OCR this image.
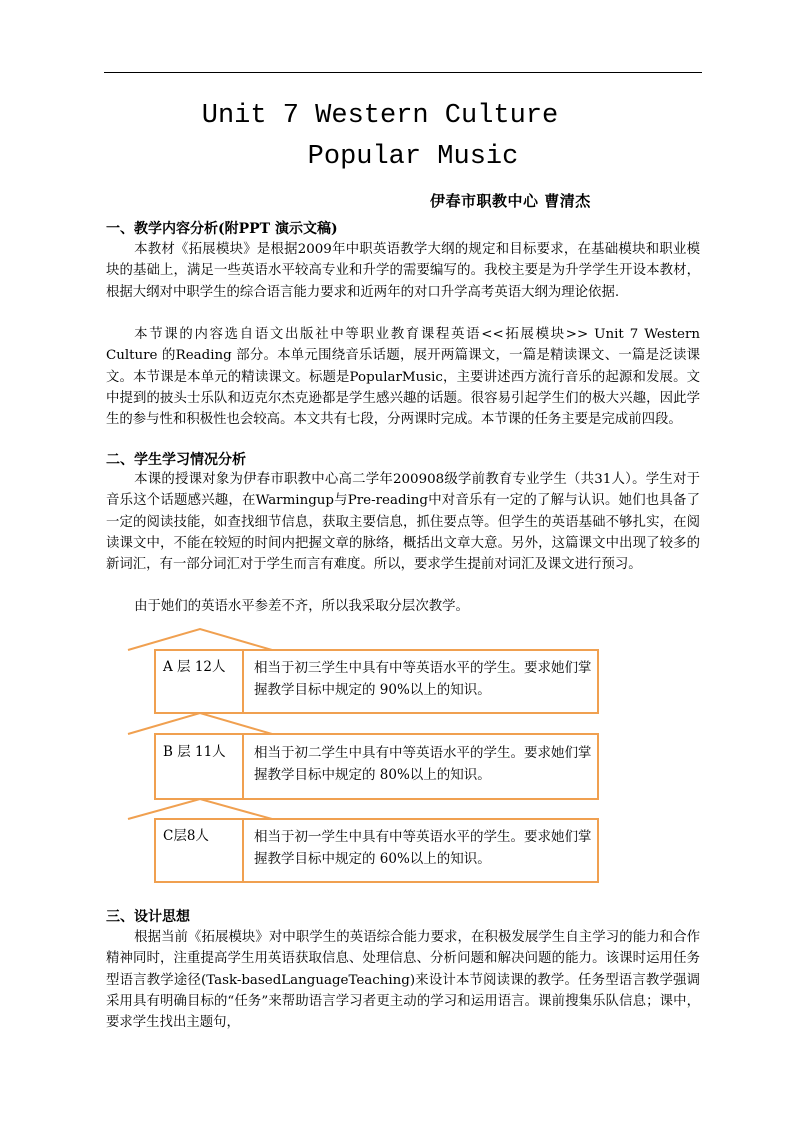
Unit 7 Western Culture
Popular Music
伊春市职教中心 曹清杰
一、教学内容分析(附PPT 演示文稿)

本教材《拓展模块》是根据2009年中职英语教学大纲的规定和目标要求，在基础模块和职业模块的基础上，满足一些英语水平较高专业和升学的需要编写的。我校主要是为升学学生开设本教材，根据大纲对中职学生的综合语言能力要求和近两年的对口升学高考英语大纲为理论依据.

本节课的内容选自语文出版社中等职业教育课程英语<<拓展模块>> Unit 7 Western Culture 的Reading 部分。本单元围绕音乐话题，展开两篇课文，一篇是精读课文、一篇是泛读课文。本节课是本单元的精读课文。标题是PopularMusic，主要讲述西方流行音乐的起源和发展。文中提到的披头士乐队和迈克尔杰克逊都是学生感兴趣的话题。很容易引起学生们的极大兴趣，因此学生的参与性和积极性也会较高。本文共有七段，分两课时完成。本节课的任务主要是完成前四段。

二、学生学习情况分析

本课的授课对象为伊春市职教中心高二学年200908级学前教育专业学生（共31人）。学生对于音乐这个话题感兴趣，在Warmingup与Pre-reading中对音乐有一定的了解与认识。她们也具备了一定的阅读技能，如查找细节信息，获取主要信息，抓住要点等。但学生的英语基础不够扎实，在阅读课文中，不能在较短的时间内把握文章的脉络，概括出文章大意。另外，这篇课文中出现了较多的新词汇，有一部分词汇对于学生而言有难度。所以，要求学生提前对词汇及课文进行预习。

由于她们的英语水平参差不齐，所以我采取分层次教学。

A 层 12人	相当于初三学生中具有中等英语水平的学生。要求她们掌握教学目标中规定的 90%以上的知识。
B 层 11人	相当于初二学生中具有中等英语水平的学生。要求她们掌握教学目标中规定的 80%以上的知识。
C层8人	相当于初一学生中具有中等英语水平的学生。要求她们掌握教学目标中规定的 60%以上的知识。
三、设计思想

根据当前《拓展模块》对中职学生的英语综合能力要求，在积极发展学生自主学习的能力和合作精神同时，注重提高学生用英语获取信息、处理信息、分析问题和解决问题的能力。该课时运用任务型语言教学途径(Task-basedLanguageTeaching)来设计本节阅读课的教学。任务型语言教学强调采用具有明确目标的“任务”来帮助语言学习者更主动的学习和运用语言。课前搜集乐队信息；课中，要求学生找出主题句，
